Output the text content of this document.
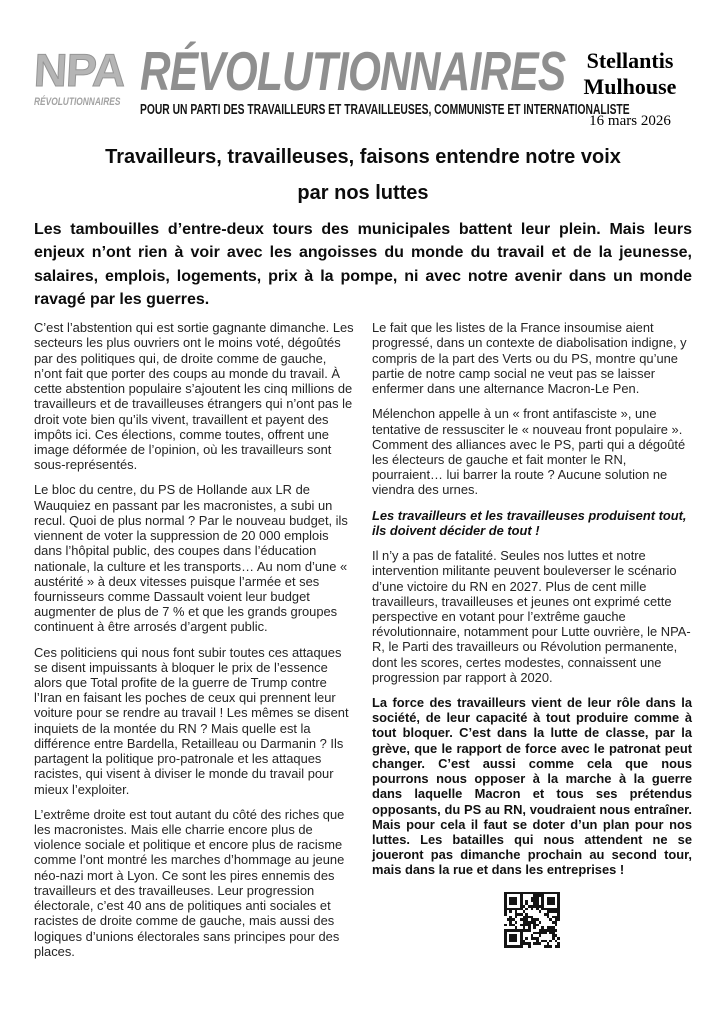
NPA
RÉVOLUTIONNAIRES
RÉVOLUTIONNAIRES
POUR UN PARTI DES TRAVAILLEURS ET TRAVAILLEUSES, COMMUNISTE ET INTERNATIONALISTE
Stellantis
Mulhouse
16 mars 2026
Travailleurs, travailleuses, faisons entendre notre voix
par nos luttes
Les tambouilles d’entre-deux tours des municipales battent leur plein. Mais leurs enjeux n’ont rien à voir avec les angoisses du monde du travail et de la jeunesse, salaires, emplois, logements, prix à la pompe, ni avec notre avenir dans un monde ravagé par les guerres.

C’est l’abstention qui est sortie gagnante dimanche. Les secteurs les plus ouvriers ont le moins voté, dégoûtés par des politiques qui, de droite comme de gauche, n’ont fait que porter des coups au monde du travail. À cette abstention populaire s’ajoutent les cinq millions de travailleurs et de travailleuses étrangers qui n’ont pas le droit vote bien qu’ils vivent, travaillent et payent des impôts ici. Ces élections, comme toutes, offrent une image déformée de l’opinion, où les travailleurs sont sous-représentés.

Le bloc du centre, du PS de Hollande aux LR de Wauquiez en passant par les macronistes, a subi un recul. Quoi de plus normal ? Par le nouveau budget, ils viennent de voter la suppression de 20 000 emplois dans l’hôpital public, des coupes dans l’éducation nationale, la culture et les transports… Au nom d’une « austérité » à deux vitesses puisque l’armée et ses fournisseurs comme Dassault voient leur budget augmenter de plus de 7 % et que les grands groupes continuent à être arrosés d’argent public.

Ces politiciens qui nous font subir toutes ces attaques se disent impuissants à bloquer le prix de l’essence alors que Total profite de la guerre de Trump contre l’Iran en faisant les poches de ceux qui prennent leur voiture pour se rendre au travail ! Les mêmes se disent inquiets de la montée du RN ? Mais quelle est la différence entre Bardella, Retailleau ou Darmanin ? Ils partagent la politique pro-patronale et les attaques racistes, qui visent à diviser le monde du travail pour mieux l’exploiter.

L’extrême droite est tout autant du côté des riches que les macronistes. Mais elle charrie encore plus de violence sociale et politique et encore plus de racisme comme l’ont montré les marches d’hommage au jeune néo-nazi mort à Lyon. Ce sont les pires ennemis des travailleurs et des travailleuses. Leur progression électorale, c’est 40 ans de politiques anti sociales et racistes de droite comme de gauche, mais aussi des logiques d’unions électorales sans principes pour des places.

Le fait que les listes de la France insoumise aient progressé, dans un contexte de diabolisation indigne, y compris de la part des Verts ou du PS, montre qu’une partie de notre camp social ne veut pas se laisser enfermer dans une alternance Macron-Le Pen.

Mélenchon appelle à un « front antifasciste », une tentative de ressusciter le « nouveau front populaire ». Comment des alliances avec le PS, parti qui a dégoûté les électeurs de gauche et fait monter le RN, pourraient… lui barrer la route ? Aucune solution ne viendra des urnes.

Les travailleurs et les travailleuses produisent tout, ils doivent décider de tout !

Il n’y a pas de fatalité. Seules nos luttes et notre intervention militante peuvent bouleverser le scénario d’une victoire du RN en 2027. Plus de cent mille travailleurs, travailleuses et jeunes ont exprimé cette perspective en votant pour l’extrême gauche révolutionnaire, notamment pour Lutte ouvrière, le NPA-R, le Parti des travailleurs ou Révolution permanente, dont les scores, certes modestes, connaissent une progression par rapport à 2020.

La force des travailleurs vient de leur rôle dans la société, de leur capacité à tout produire comme à tout bloquer. C’est dans la lutte de classe, par la grève, que le rapport de force avec le patronat peut changer. C’est aussi comme cela que nous pourrons nous opposer à la marche à la guerre dans laquelle Macron et tous ses prétendus opposants, du PS au RN, voudraient nous entraîner. Mais pour cela il faut se doter d’un plan pour nos luttes. Les batailles qui nous attendent ne se joueront pas dimanche prochain au second tour, mais dans la rue et dans les entreprises !
